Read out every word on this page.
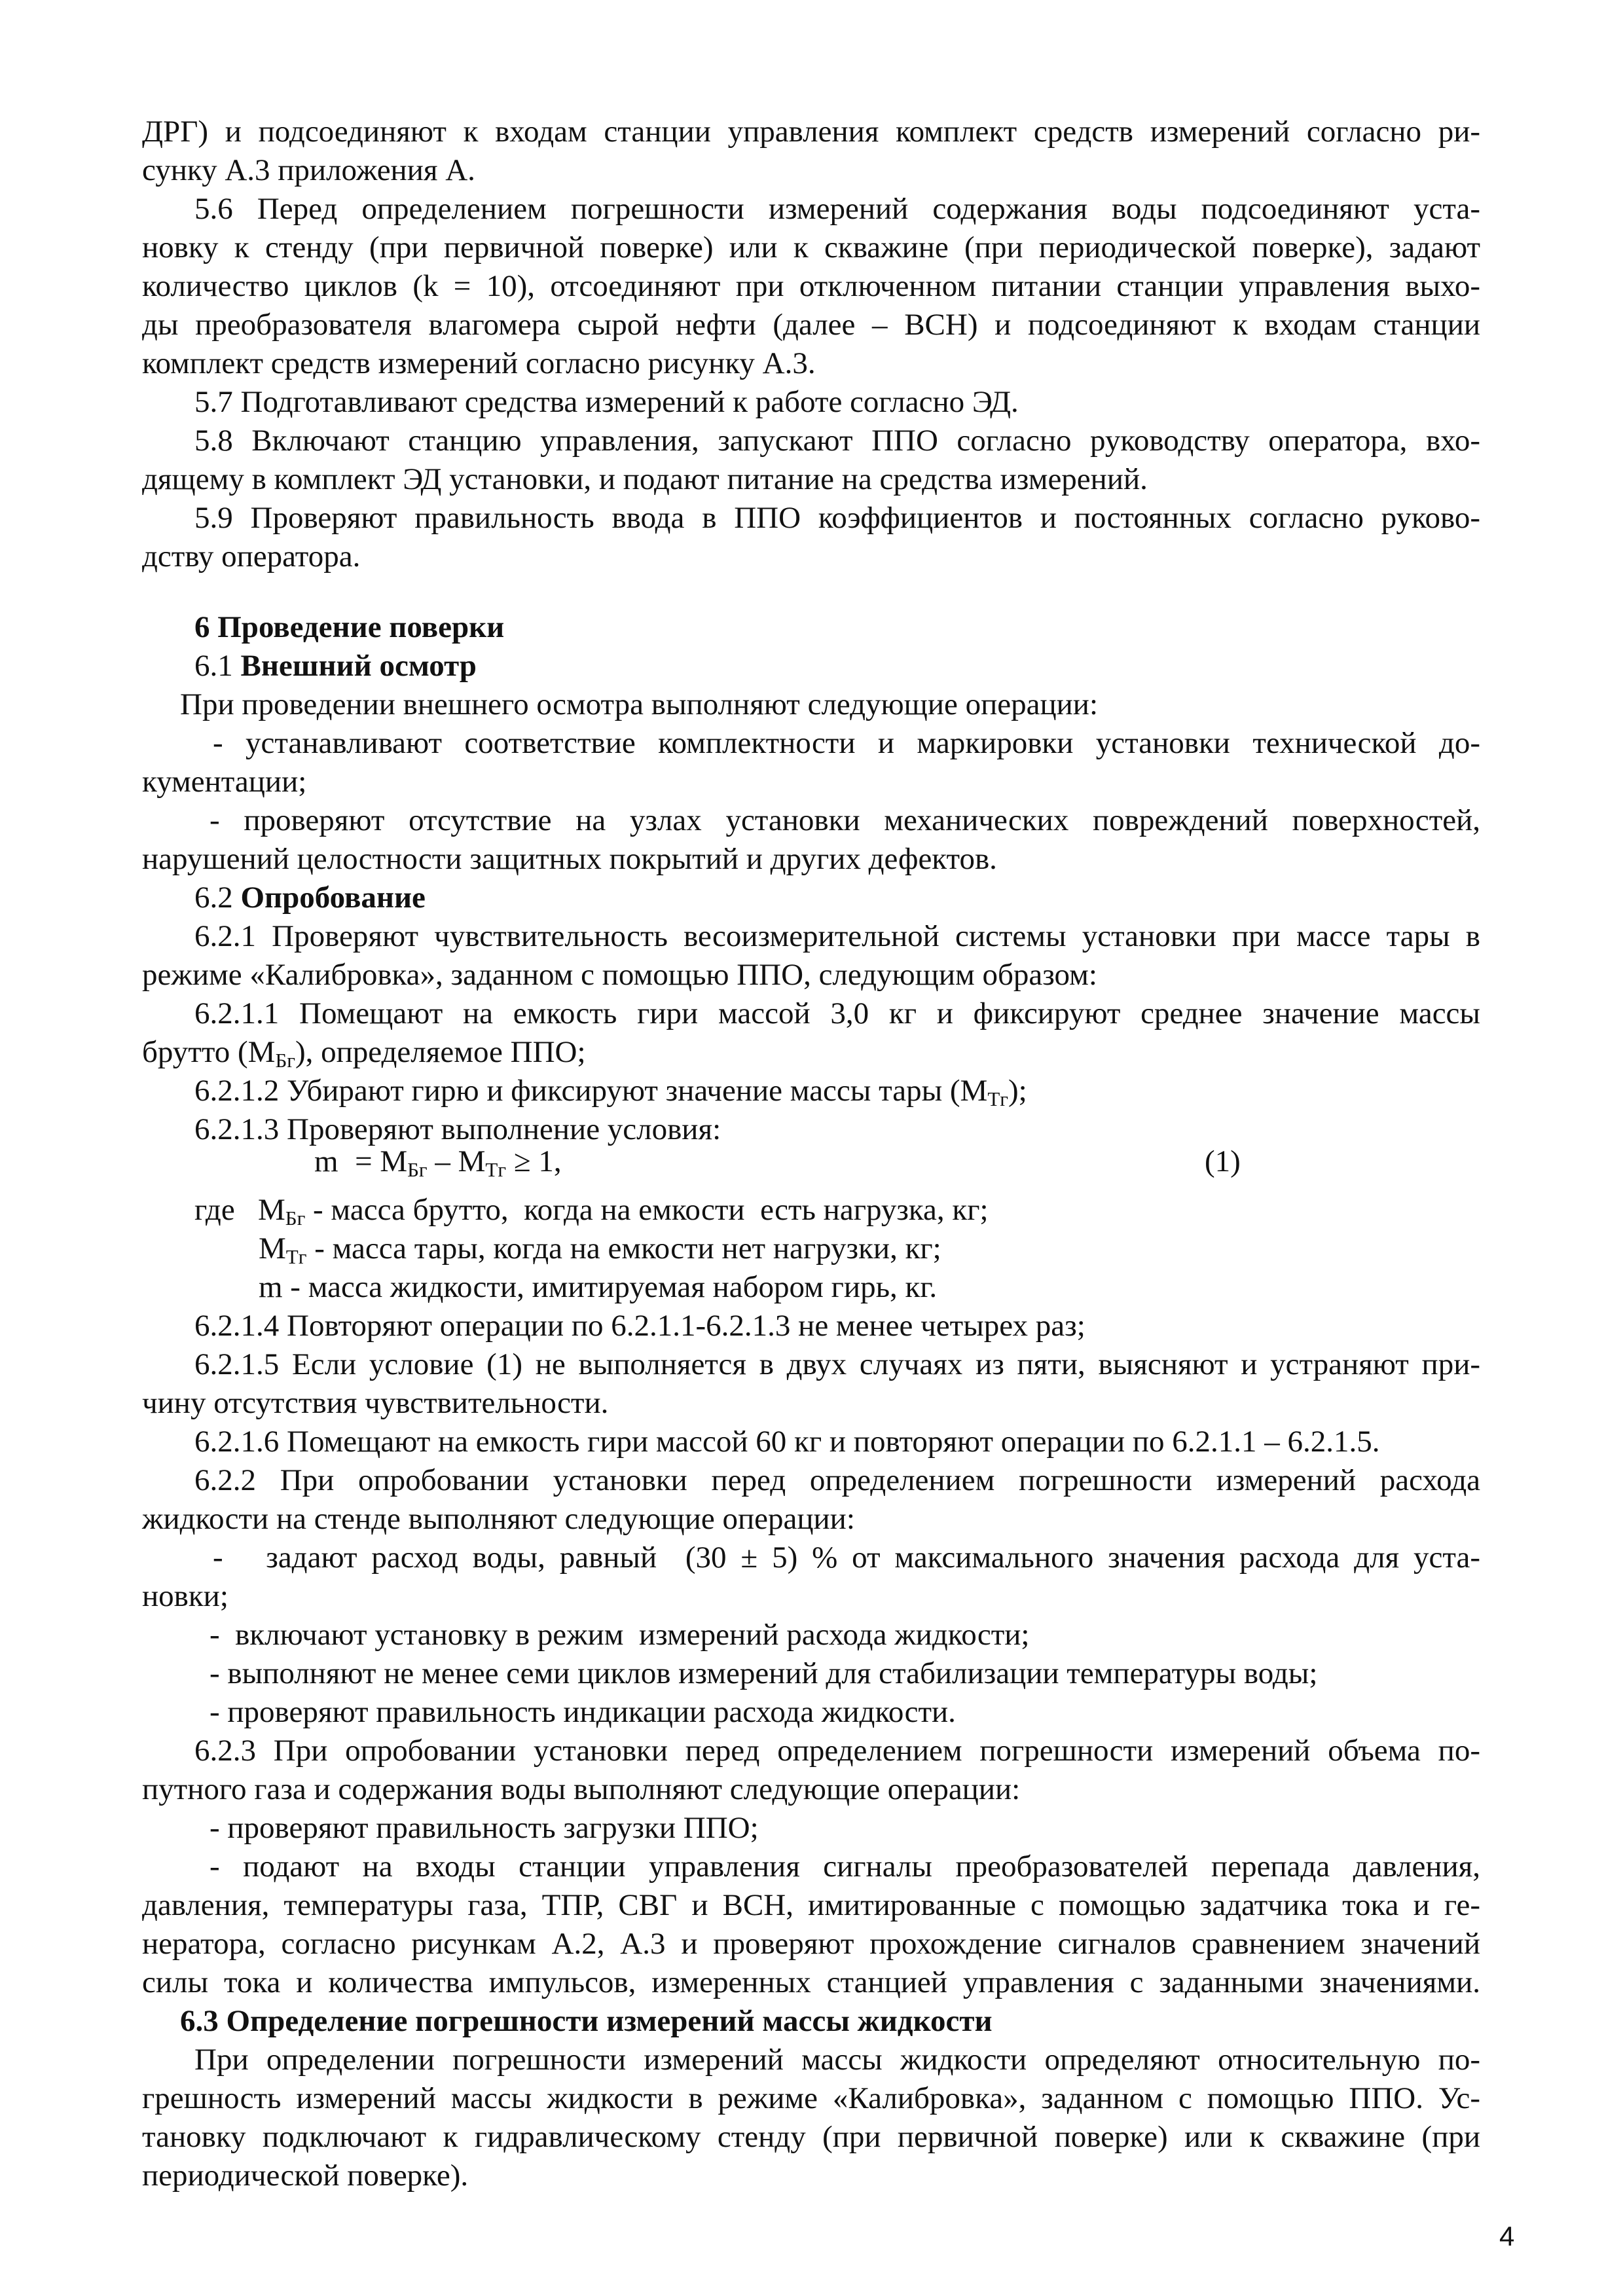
ДРГ) и подсоединяют к входам станции управления комплект средств измерений согласно ри-
сунку А.3 приложения А.
5.6 Перед определением погрешности измерений содержания воды подсоединяют уста-
новку к стенду (при первичной поверке) или к скважине (при периодической поверке), задают
количество циклов (k = 10), отсоединяют при отключенном питании станции управления выхо-
ды преобразователя влагомера сырой нефти (далее – ВСН) и подсоединяют к входам станции
комплект средств измерений согласно рисунку А.3.
5.7 Подготавливают средства измерений к работе согласно ЭД.
5.8 Включают станцию управления, запускают ППО согласно руководству оператора, вхо-
дящему в комплект ЭД установки, и подают питание на средства измерений.
5.9 Проверяют правильность ввода в ППО коэффициентов и постоянных согласно руково-
дству оператора.
6 Проведение поверки
6.1 Внешний осмотр
При проведении внешнего осмотра выполняют следующие операции:
- устанавливают соответствие комплектности и маркировки установки технической до-
кументации;
- проверяют отсутствие на узлах установки механических повреждений поверхностей,
нарушений целостности защитных покрытий и других дефектов.
6.2 Опробование
6.2.1 Проверяют чувствительность весоизмерительной системы установки при массе тары в
режиме «Калибровка», заданном с помощью ППО, следующим образом:
6.2.1.1 Помещают на емкость гири массой 3,0 кг и фиксируют среднее значение массы
брутто $(М_{Бг})$, определяемое ППО;
6.2.1.2 Убирают гирю и фиксируют значение массы тары $(М_{Тг})$;
6.2.1.3 Проверяют выполнение условия:
$m = М_{Бг} - М_{Тг} \ge 1$,	(1)
где   $М_{Бг}$ - масса брутто,  когда на емкости  есть нагрузка, кг;
$М_{Тг}$ - масса тары, когда на емкости нет нагрузки, кг;
m - масса жидкости, имитируемая набором гирь, кг.
6.2.1.4 Повторяют операции по 6.2.1.1-6.2.1.3 не менее четырех раз;
6.2.1.5 Если условие (1) не выполняется в двух случаях из пяти, выясняют и устраняют при-
чину отсутствия чувствительности.
6.2.1.6 Помещают на емкость гири массой 60 кг и повторяют операции по 6.2.1.1 – 6.2.1.5.
6.2.2 При опробовании установки перед определением погрешности измерений расхода
жидкости на стенде выполняют следующие операции:
-   задают расход воды, равный  (30 ± 5) % от максимального значения расхода для уста-
новки;
-  включают установку в режим  измерений расхода жидкости;
- выполняют не менее семи циклов измерений для стабилизации температуры воды;
- проверяют правильность индикации расхода жидкости.
6.2.3 При опробовании установки перед определением погрешности измерений объема по-
путного газа и содержания воды выполняют следующие операции:
- проверяют правильность загрузки ППО;
- подают на входы станции управления сигналы преобразователей перепада давления,
давления, температуры газа, ТПР, СВГ и ВСН, имитированные с помощью задатчика тока и ге-
нератора, согласно рисункам А.2, А.3 и проверяют прохождение сигналов сравнением значений
силы тока и количества импульсов, измеренных станцией управления с заданными значениями.
6.3 Определение погрешности измерений массы жидкости
При определении погрешности измерений массы жидкости определяют относительную по-
грешность измерений массы жидкости в режиме «Калибровка», заданном с помощью ППО. Ус-
тановку подключают к гидравлическому стенду (при первичной поверке) или к скважине (при
периодической поверке).
4
